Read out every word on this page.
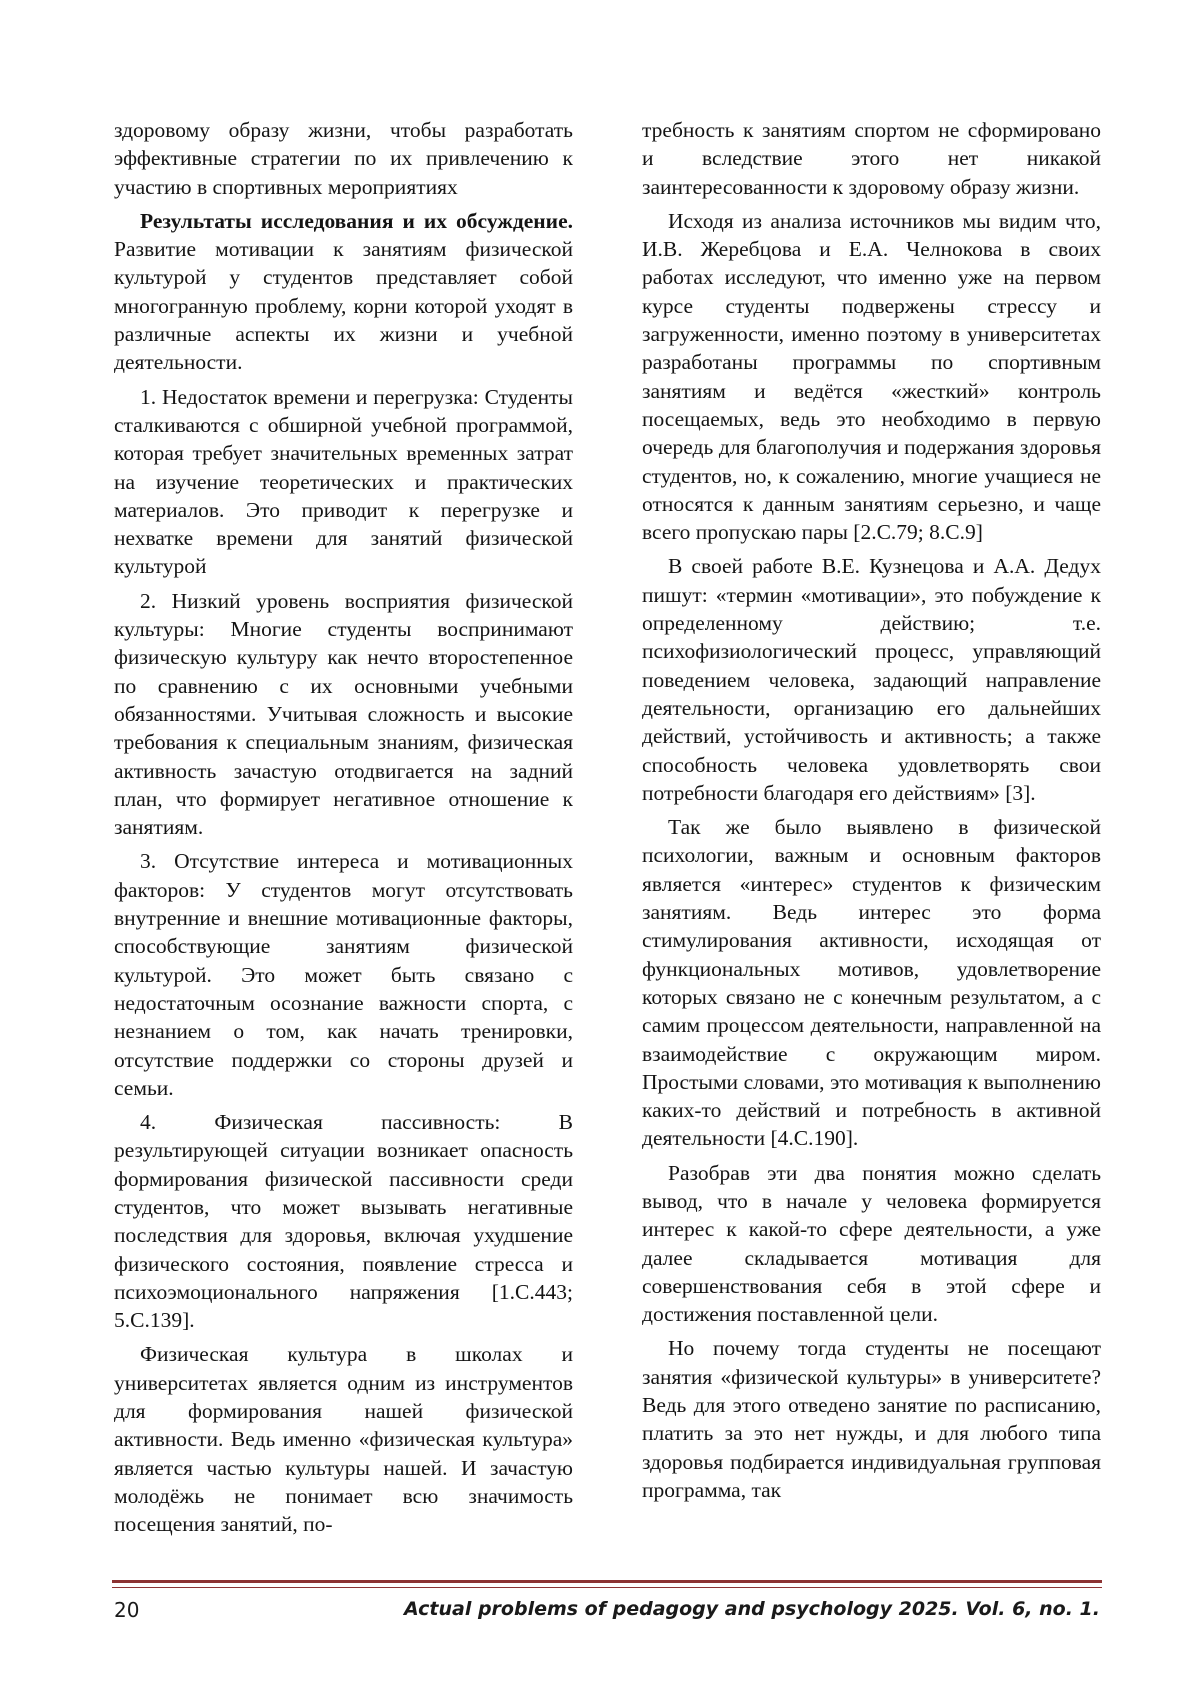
здоровому образу жизни, чтобы разработать эффективные стратегии по их привлечению к участию в спортивных мероприятиях

Результаты исследования и их обсуждение. Развитие мотивации к занятиям физической культурой у студентов представляет собой многогранную проблему, корни которой уходят в различные аспекты их жизни и учебной деятельности.

1. Недостаток времени и перегрузка: Студенты сталкиваются с обширной учебной программой, которая требует значительных временных затрат на изучение теоретических и практических материалов. Это приводит к перегрузке и нехватке времени для занятий физической культурой

2. Низкий уровень восприятия физической культуры: Многие студенты воспринимают физическую культуру как нечто второстепенное по сравнению с их основными учебными обязанностями. Учитывая сложность и высокие требования к специальным знаниям, физическая активность зачастую отодвигается на задний план, что формирует негативное отношение к занятиям.

3. Отсутствие интереса и мотивационных факторов: У студентов могут отсутствовать внутренние и внешние мотивационные факторы, способствующие занятиям физической культурой. Это может быть связано с недостаточным осознание важности спорта, с незнанием о том, как начать тренировки, отсутствие поддержки со стороны друзей и семьи.

4. Физическая пассивность: В результирующей ситуации возникает опасность формирования физической пассивности среди студентов, что может вызывать негативные последствия для здоровья, включая ухудшение физического состояния, появление стресса и психоэмоционального напряжения [1.С.443; 5.С.139].

Физическая культура в школах и университетах является одним из инструментов для формирования нашей физической активности. Ведь именно «физическая культура» является частью культуры нашей. И зачастую молодёжь не понимает всю значимость посещения занятий, по-

требность к занятиям спортом не сформировано и вследствие этого нет никакой заинтересованности к здоровому образу жизни.

Исходя из анализа источников мы видим что, И.В. Жеребцова и Е.А. Челнокова в своих работах исследуют, что именно уже на первом курсе студенты подвержены стрессу и загруженности, именно поэтому в университетах разработаны программы по спортивным занятиям и ведётся «жесткий» контроль посещаемых, ведь это необходимо в первую очередь для благополучия и подержания здоровья студентов, но, к сожалению, многие учащиеся не относятся к данным занятиям серьезно, и чаще всего пропускаю пары [2.С.79; 8.С.9]

В своей работе В.Е. Кузнецова и А.А. Дедух пишут: «термин «мотивации», это побуждение к определенному действию; т.е. психофизиологический процесс, управляющий поведением человека, задающий направление деятельности, организацию его дальнейших действий, устойчивость и активность; а также способность человека удовлетворять свои потребности благодаря его действиям» [3].

Так же было выявлено в физической психологии, важным и основным факторов является «интерес» студентов к физическим занятиям. Ведь интерес это форма стимулирования активности, исходящая от функциональных мотивов, удовлетворение которых связано не с конечным результатом, а с самим процессом деятельности, направленной на взаимодействие с окружающим миром. Простыми словами, это мотивация к выполнению каких-то действий и потребность в активной деятельности [4.С.190].

Разобрав эти два понятия можно сделать вывод, что в начале у человека формируется интерес к какой-то сфере деятельности, а уже далее складывается мотивация для совершенствования себя в этой сфере и достижения поставленной цели.

Но почему тогда студенты не посещают занятия «физической культуры» в университете? Ведь для этого отведено занятие по расписанию, платить за это нет нужды, и для любого типа здоровья подбирается индивидуальная групповая программа, так

20	Actual problems of pedagogy and psychology 2025. Vol. 6, no. 1.
